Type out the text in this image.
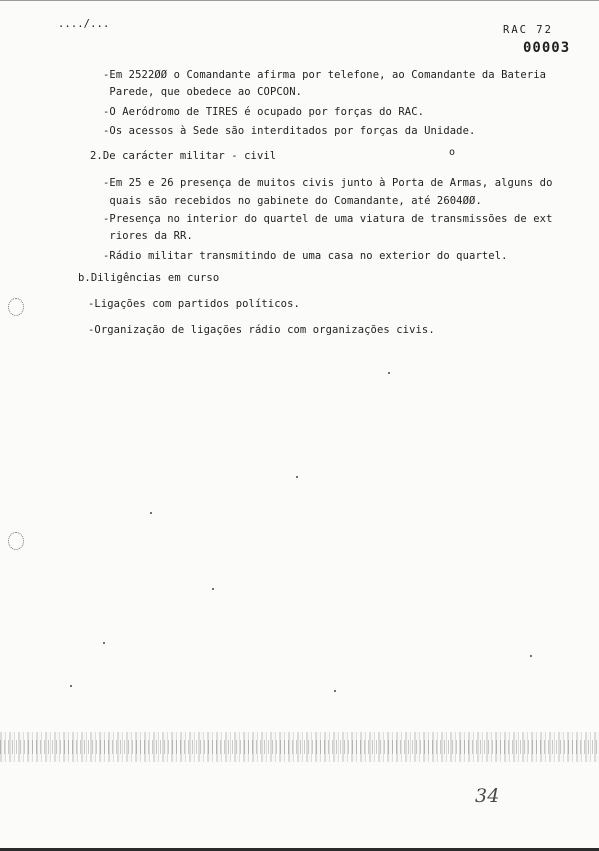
..../...	RAC 72
00003
-Em 2522ØØ o Comandante afirma por telefone, ao Comandante da Bateria
Parede, que obedece ao COPCON.
-O Aeródromo de TIRES é ocupado por forças do RAC.
-Os acessos à Sede são interditados por forças da Unidade.
2.De carácter militar - civil	o
-Em 25 e 26 presença de muitos civis junto à Porta de Armas, alguns do
quais são recebidos no gabinete do Comandante, até 2604ØØ.
-Presença no interior do quartel de uma viatura de transmissões de ext
riores da RR.
-Rádio militar transmitindo de uma casa no exterior do quartel.
b.Diligências em curso
-Ligações com partidos políticos.
-Organização de ligações rádio com organizações civis.
34
